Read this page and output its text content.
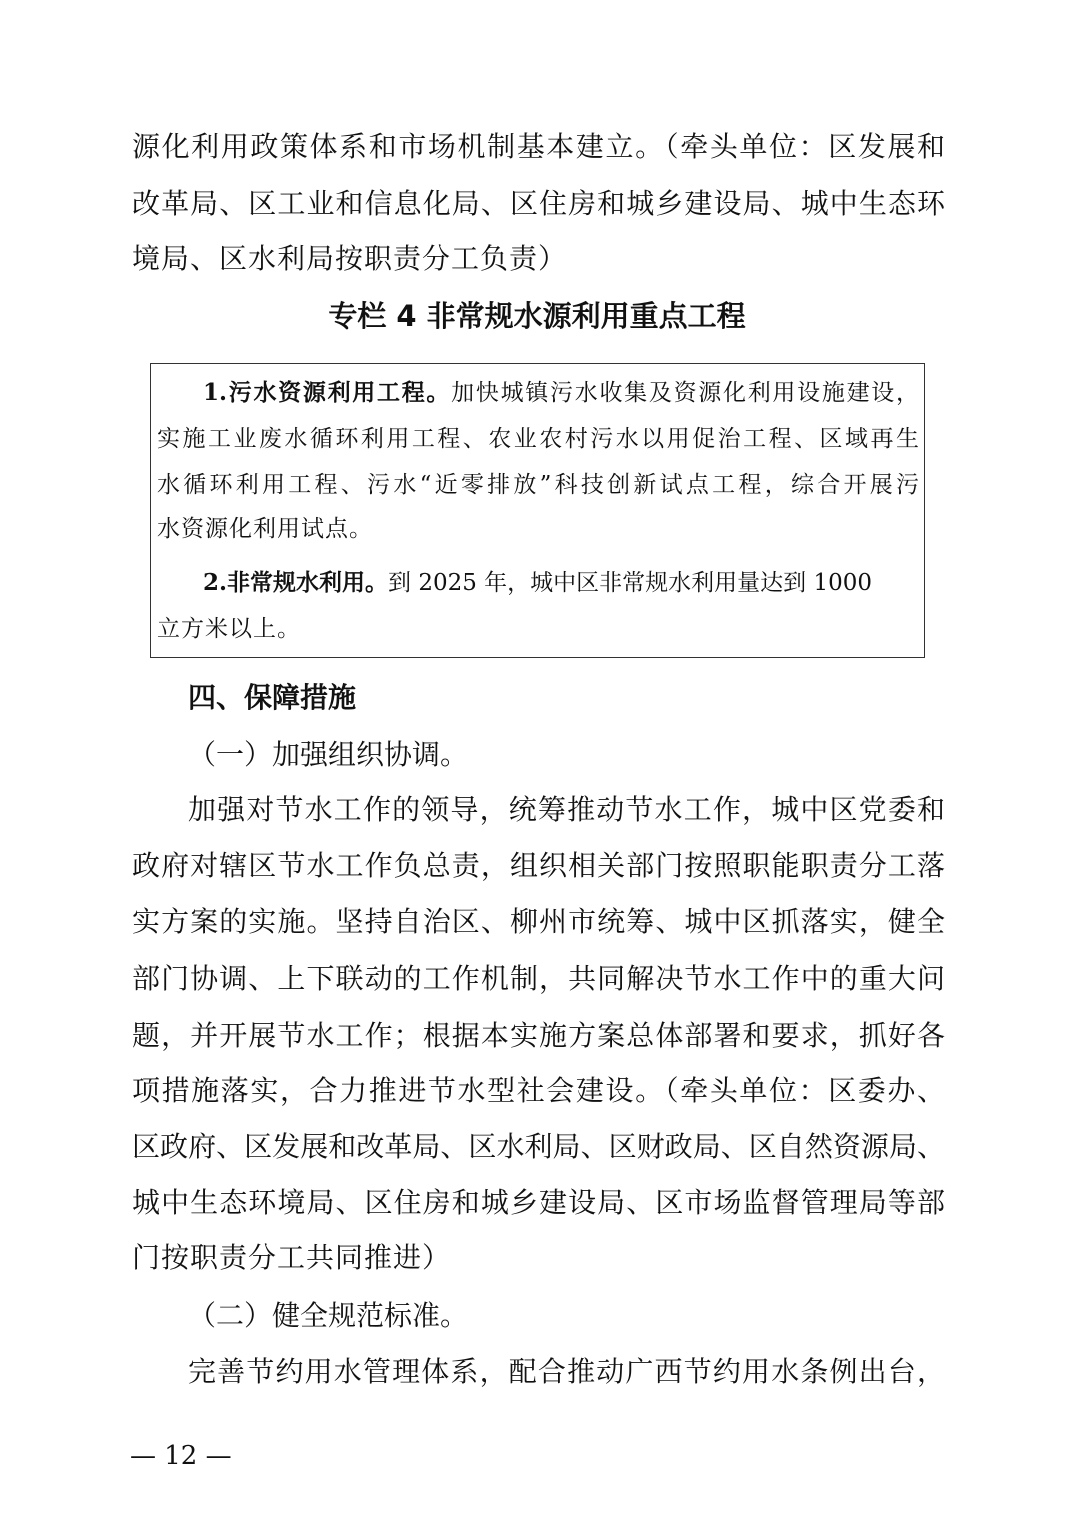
源化利用政策体系和市场机制基本建立。（牵头单位：区发展和
改革局、区工业和信息化局、区住房和城乡建设局、城中生态环
境局、区水利局按职责分工负责）
专栏 4 非常规水源利用重点工程
1.污水资源利用工程。加快城镇污水收集及资源化利用设施建设，
实施工业废水循环利用工程、农业农村污水以用促治工程、区域再生
水循环利用工程、污水“近零排放”科技创新试点工程，综合开展污
水资源化利用试点。
2.非常规水利用。到 2025 年，城中区非常规水利用量达到 1000
立方米以上。
四、保障措施
（一）加强组织协调。
加强对节水工作的领导，统筹推动节水工作，城中区党委和
政府对辖区节水工作负总责，组织相关部门按照职能职责分工落
实方案的实施。坚持自治区、柳州市统筹、城中区抓落实，健全
部门协调、上下联动的工作机制，共同解决节水工作中的重大问
题，并开展节水工作；根据本实施方案总体部署和要求，抓好各
项措施落实，合力推进节水型社会建设。（牵头单位：区委办、
区政府、区发展和改革局、区水利局、区财政局、区自然资源局、
城中生态环境局、区住房和城乡建设局、区市场监督管理局等部
门按职责分工共同推进）
（二）健全规范标准。
完善节约用水管理体系，配合推动广西节约用水条例出台，
— 12 —
